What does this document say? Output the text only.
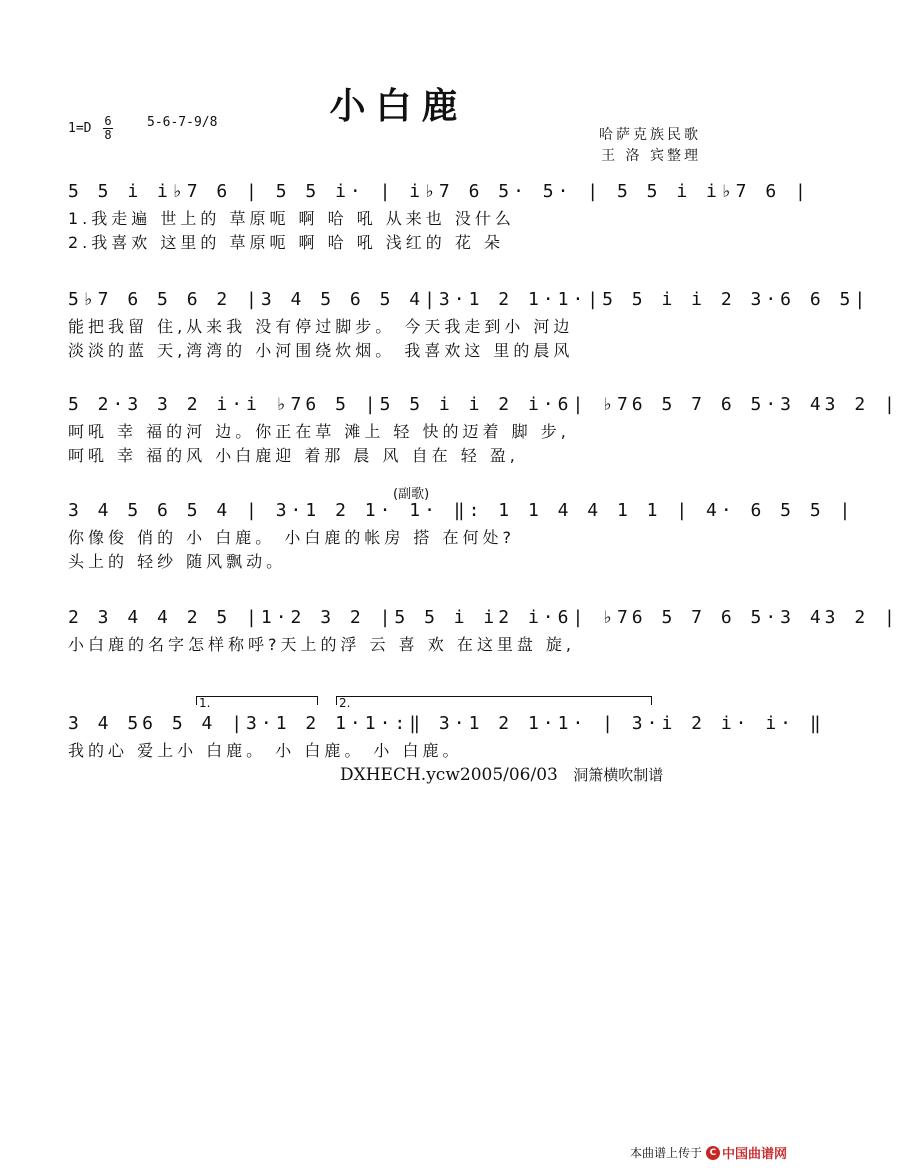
小白鹿
$1=D \frac{6}{8}$	5-6-7-9/8
哈萨克族民歌
王 洛 宾整理
5 5 i i♭7 6 | 5 5 i· | i♭7 6 5· 5· | 5 5 i i♭7 6 |
1.我走遍 世上的 草原呃 啊 哈 吼 从来也 没什么
2.我喜欢 这里的 草原呃 啊 哈 吼 浅红的 花 朵
5♭7 6 5 6 2 |3 4 5 6 5 4|3·1 2 1·1·|5 5 i i 2 3·6 6 5|
能把我留 住,从来我 没有停过脚步。 今天我走到小 河边
淡淡的蓝 天,湾湾的 小河围绕炊烟。 我喜欢这 里的晨风
5 2·3 3 2 i·i ♭76 5 |5 5 i i 2 i·6| ♭76 5 7 6 5·3 43 2 |
呵吼 幸 福的河 边。你正在草 滩上 轻 快的迈着 脚 步,
呵吼 幸 福的风 小白鹿迎 着那 晨 风 自在 轻 盈,
(副歌)
3 4 5 6 5 4 | 3·1 2 1· 1· ‖: 1 1 4 4 1 1 | 4· 6 5 5 |
你像俊 俏的 小 白鹿。 小白鹿的帐房 搭 在何处?
头上的 轻纱 随风飘动。
2 3 4 4 2 5 |1·2 3 2 |5 5 i i2 i·6| ♭76 5 7 6 5·3 43 2 |
小白鹿的名字怎样称呼?天上的浮 云 喜 欢 在这里盘 旋,
1.	2.
3 4 56 5 4 |3·1 2 1·1·:‖ 3·1 2 1·1· | 3·i 2 i· i· ‖
我的心 爱上小 白鹿。 小 白鹿。 小 白鹿。
DXHECH.ycw2005/06/03 洞箫横吹制谱
本曲谱上传于 C 中国曲谱网
